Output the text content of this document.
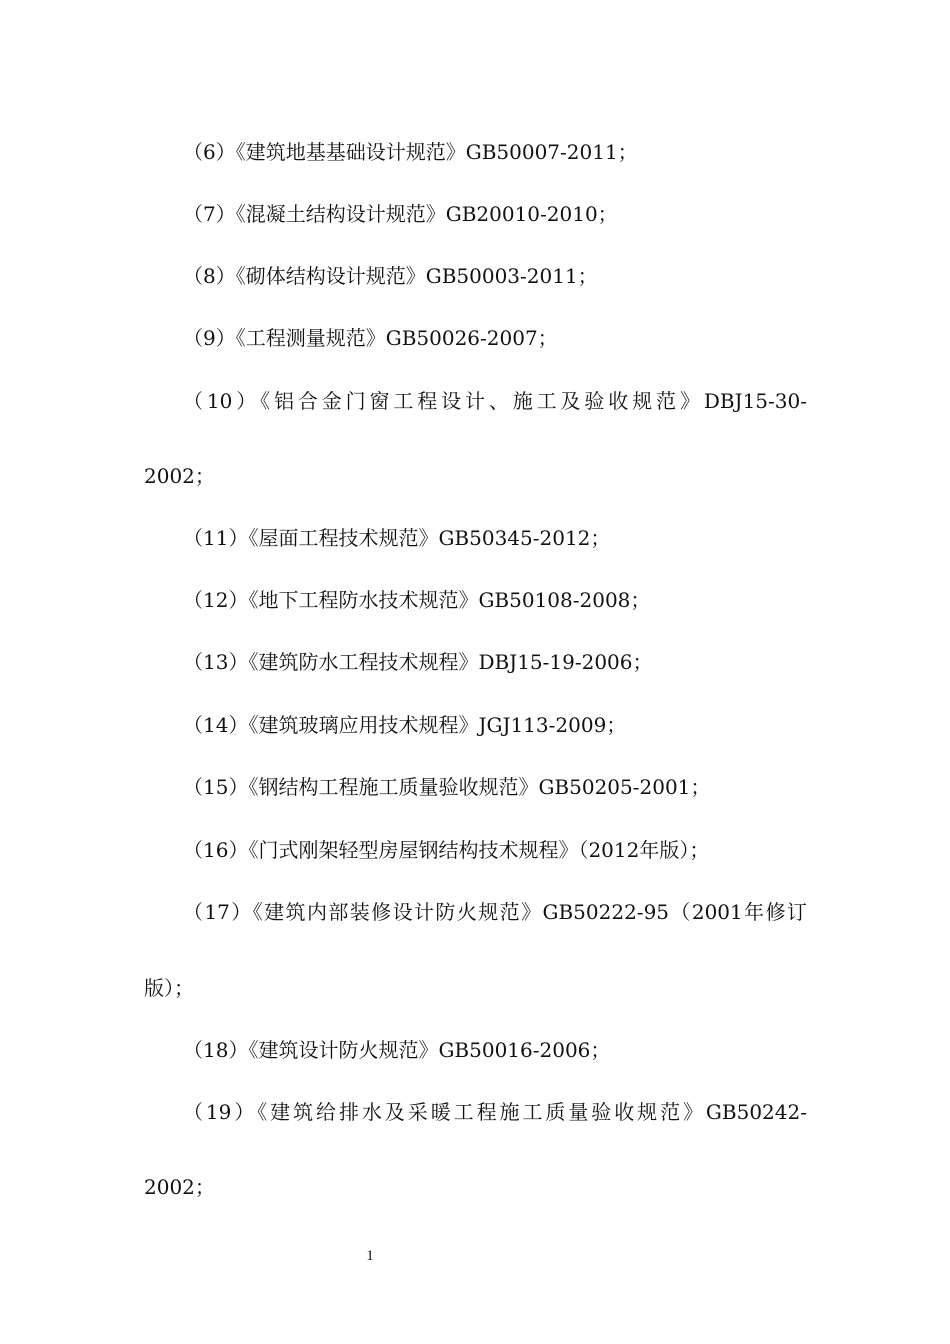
（6）《建筑地基基础设计规范》GB50007-2011；
（7）《混凝土结构设计规范》GB20010-2010；
（8）《砌体结构设计规范》GB50003-2011；
（9）《工程测量规范》GB50026-2007；
（10）《铝合金门窗工程设计、施工及验收规范》DBJ15-30-
2002；
（11）《屋面工程技术规范》GB50345-2012；
（12）《地下工程防水技术规范》GB50108-2008；
（13）《建筑防水工程技术规程》DBJ15-19-2006；
（14）《建筑玻璃应用技术规程》JGJ113-2009；
（15）《钢结构工程施工质量验收规范》GB50205-2001；
（16）《门式刚架轻型房屋钢结构技术规程》（2012年版）；
（17）《建筑内部装修设计防火规范》GB50222-95（2001年修订
版）；
（18）《建筑设计防火规范》GB50016-2006；
（19）《建筑给排水及采暖工程施工质量验收规范》GB50242-
2002；
1
